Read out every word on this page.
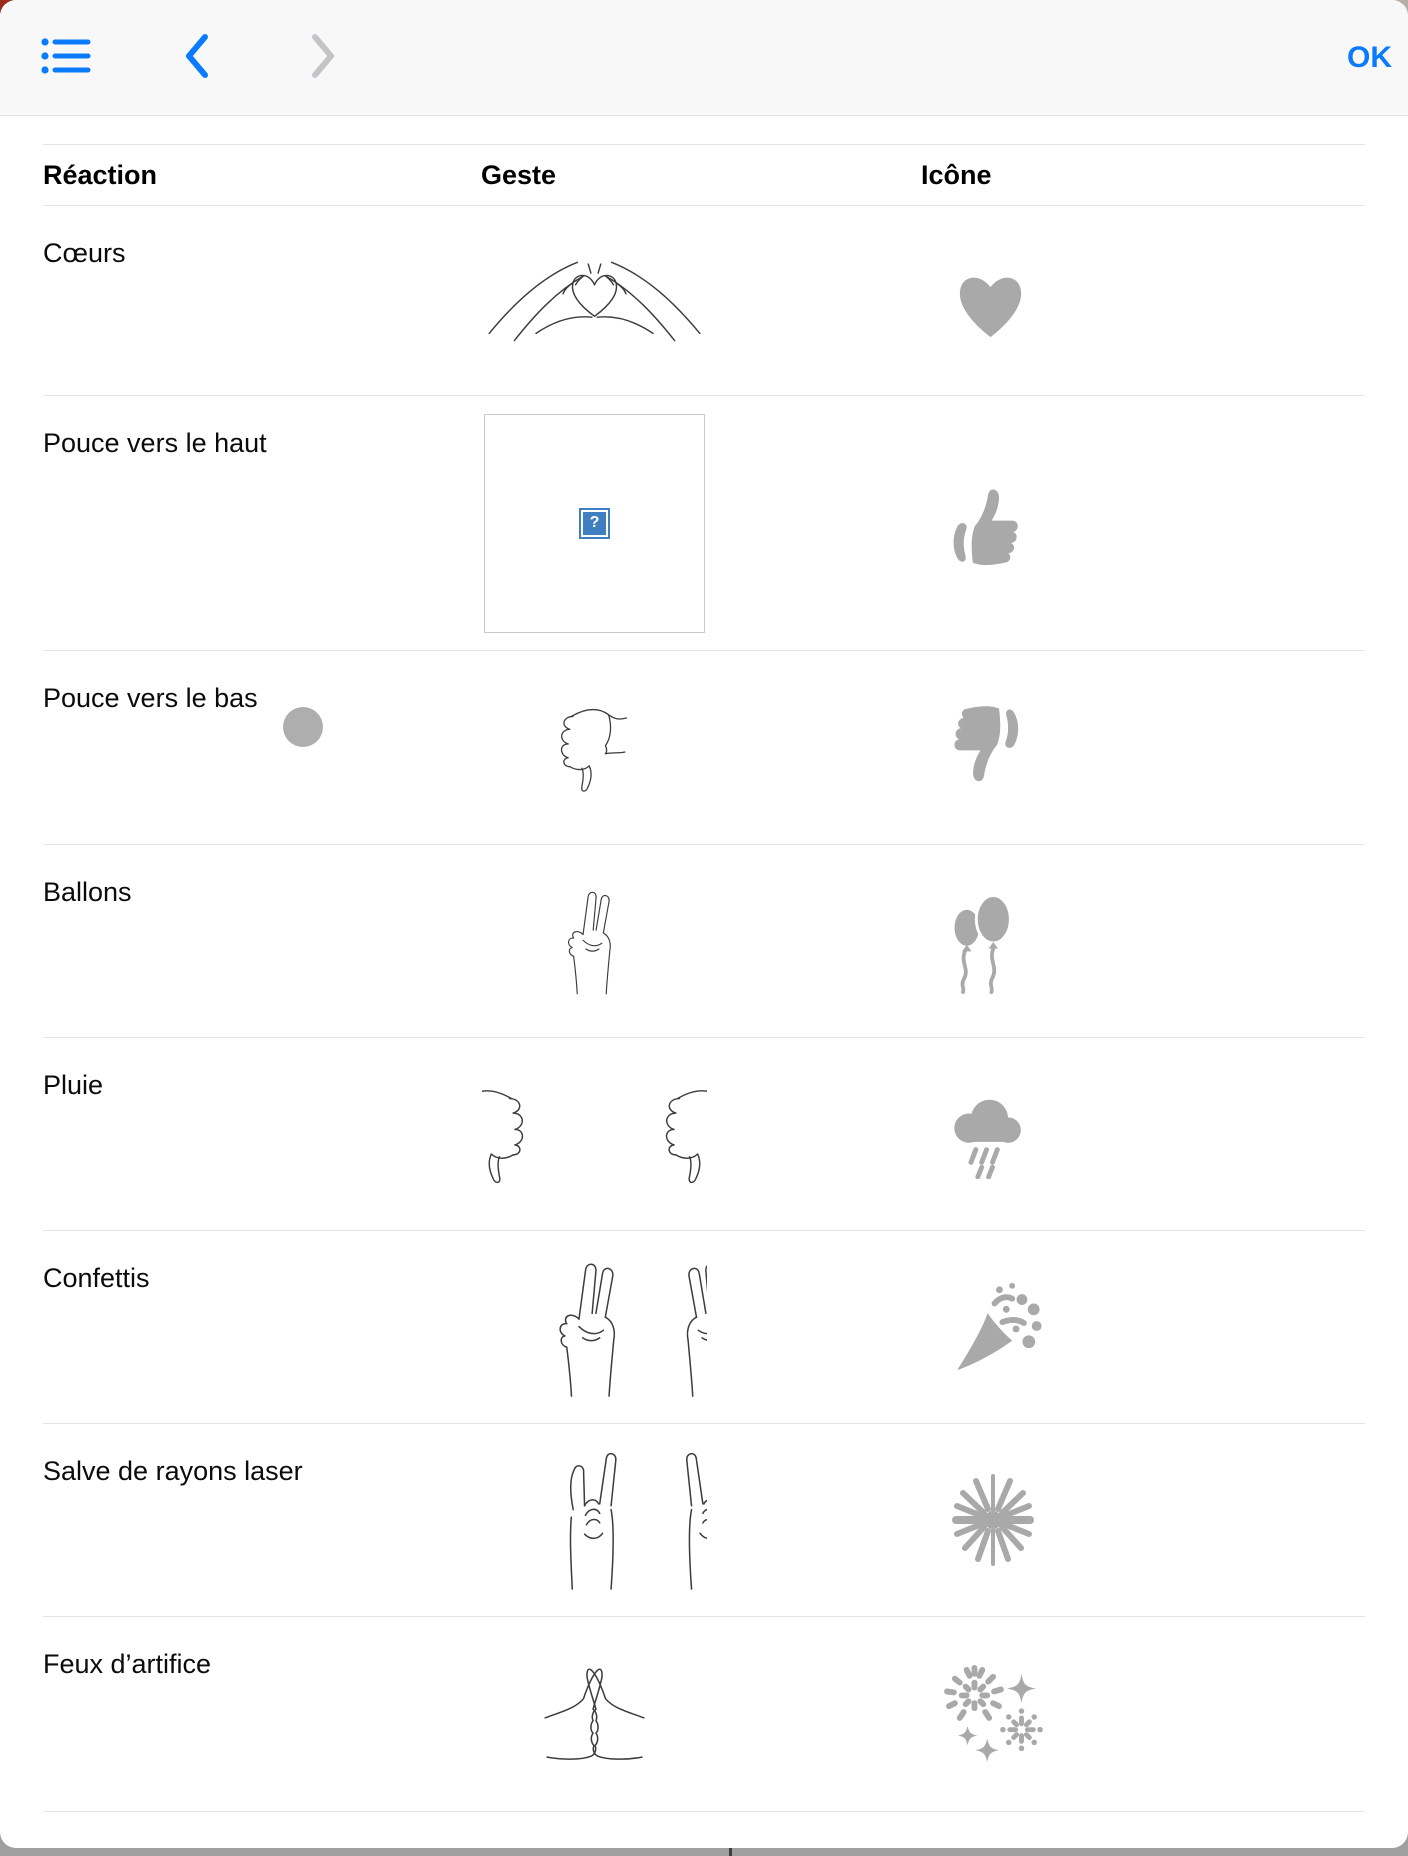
OK
Réaction	Geste	Icône
Cœurs
Pouce vers le haut
?
Pouce vers le bas
Ballons
Pluie
Confettis
Salve de rayons laser
Feux d’artifice
